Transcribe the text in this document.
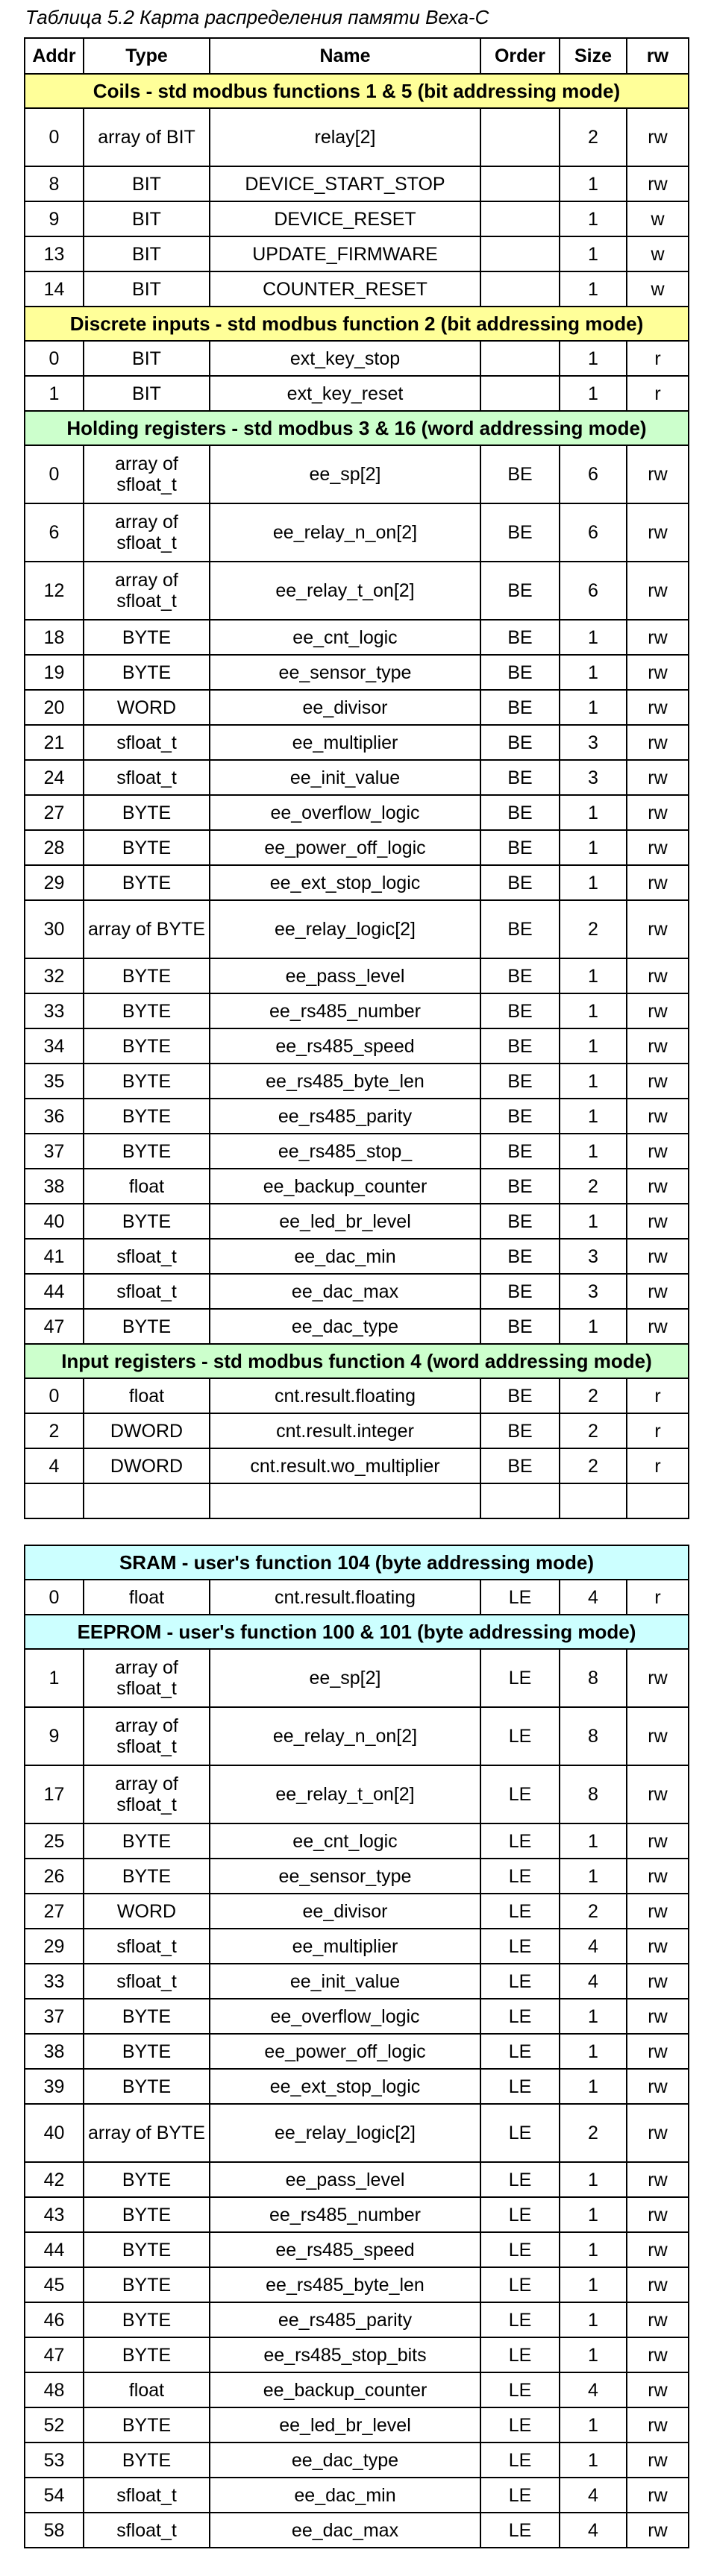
Таблица 5.2 Карта распределения памяти Веха-С
Addr	Type	Name	Order	Size	rw
Coils - std modbus functions 1 & 5 (bit addressing mode)					
0	array of BIT	relay[2]		2	rw
8	BIT	DEVICE_START_STOP		1	rw
9	BIT	DEVICE_RESET		1	w
13	BIT	UPDATE_FIRMWARE		1	w
14	BIT	COUNTER_RESET		1	w
Discrete inputs - std modbus function 2 (bit addressing mode)					
0	BIT	ext_key_stop		1	r
1	BIT	ext_key_reset		1	r
Holding registers - std modbus 3 & 16 (word addressing mode)					
0	array of sfloat_t	ee_sp[2]	BE	6	rw
6	array of sfloat_t	ee_relay_n_on[2]	BE	6	rw
12	array of sfloat_t	ee_relay_t_on[2]	BE	6	rw
18	BYTE	ee_cnt_logic	BE	1	rw
19	BYTE	ee_sensor_type	BE	1	rw
20	WORD	ee_divisor	BE	1	rw
21	sfloat_t	ee_multiplier	BE	3	rw
24	sfloat_t	ee_init_value	BE	3	rw
27	BYTE	ee_overflow_logic	BE	1	rw
28	BYTE	ee_power_off_logic	BE	1	rw
29	BYTE	ee_ext_stop_logic	BE	1	rw
30	array of BYTE	ee_relay_logic[2]	BE	2	rw
32	BYTE	ee_pass_level	BE	1	rw
33	BYTE	ee_rs485_number	BE	1	rw
34	BYTE	ee_rs485_speed	BE	1	rw
35	BYTE	ee_rs485_byte_len	BE	1	rw
36	BYTE	ee_rs485_parity	BE	1	rw
37	BYTE	ee_rs485_stop_	BE	1	rw
38	float	ee_backup_counter	BE	2	rw
40	BYTE	ee_led_br_level	BE	1	rw
41	sfloat_t	ee_dac_min	BE	3	rw
44	sfloat_t	ee_dac_max	BE	3	rw
47	BYTE	ee_dac_type	BE	1	rw
Input registers - std modbus function 4 (word addressing mode)					
0	float	cnt.result.floating	BE	2	r
2	DWORD	cnt.result.integer	BE	2	r
4	DWORD	cnt.result.wo_multiplier	BE	2	r

SRAM - user's function 104 (byte addressing mode)					
0	float	cnt.result.floating	LE	4	r
EEPROM - user's function 100 & 101 (byte addressing mode)					
1	array of sfloat_t	ee_sp[2]	LE	8	rw
9	array of sfloat_t	ee_relay_n_on[2]	LE	8	rw
17	array of sfloat_t	ee_relay_t_on[2]	LE	8	rw
25	BYTE	ee_cnt_logic	LE	1	rw
26	BYTE	ee_sensor_type	LE	1	rw
27	WORD	ee_divisor	LE	2	rw
29	sfloat_t	ee_multiplier	LE	4	rw
33	sfloat_t	ee_init_value	LE	4	rw
37	BYTE	ee_overflow_logic	LE	1	rw
38	BYTE	ee_power_off_logic	LE	1	rw
39	BYTE	ee_ext_stop_logic	LE	1	rw
40	array of BYTE	ee_relay_logic[2]	LE	2	rw
42	BYTE	ee_pass_level	LE	1	rw
43	BYTE	ee_rs485_number	LE	1	rw
44	BYTE	ee_rs485_speed	LE	1	rw
45	BYTE	ee_rs485_byte_len	LE	1	rw
46	BYTE	ee_rs485_parity	LE	1	rw
47	BYTE	ee_rs485_stop_bits	LE	1	rw
48	float	ee_backup_counter	LE	4	rw
52	BYTE	ee_led_br_level	LE	1	rw
53	BYTE	ee_dac_type	LE	1	rw
54	sfloat_t	ee_dac_min	LE	4	rw
58	sfloat_t	ee_dac_max	LE	4	rw
